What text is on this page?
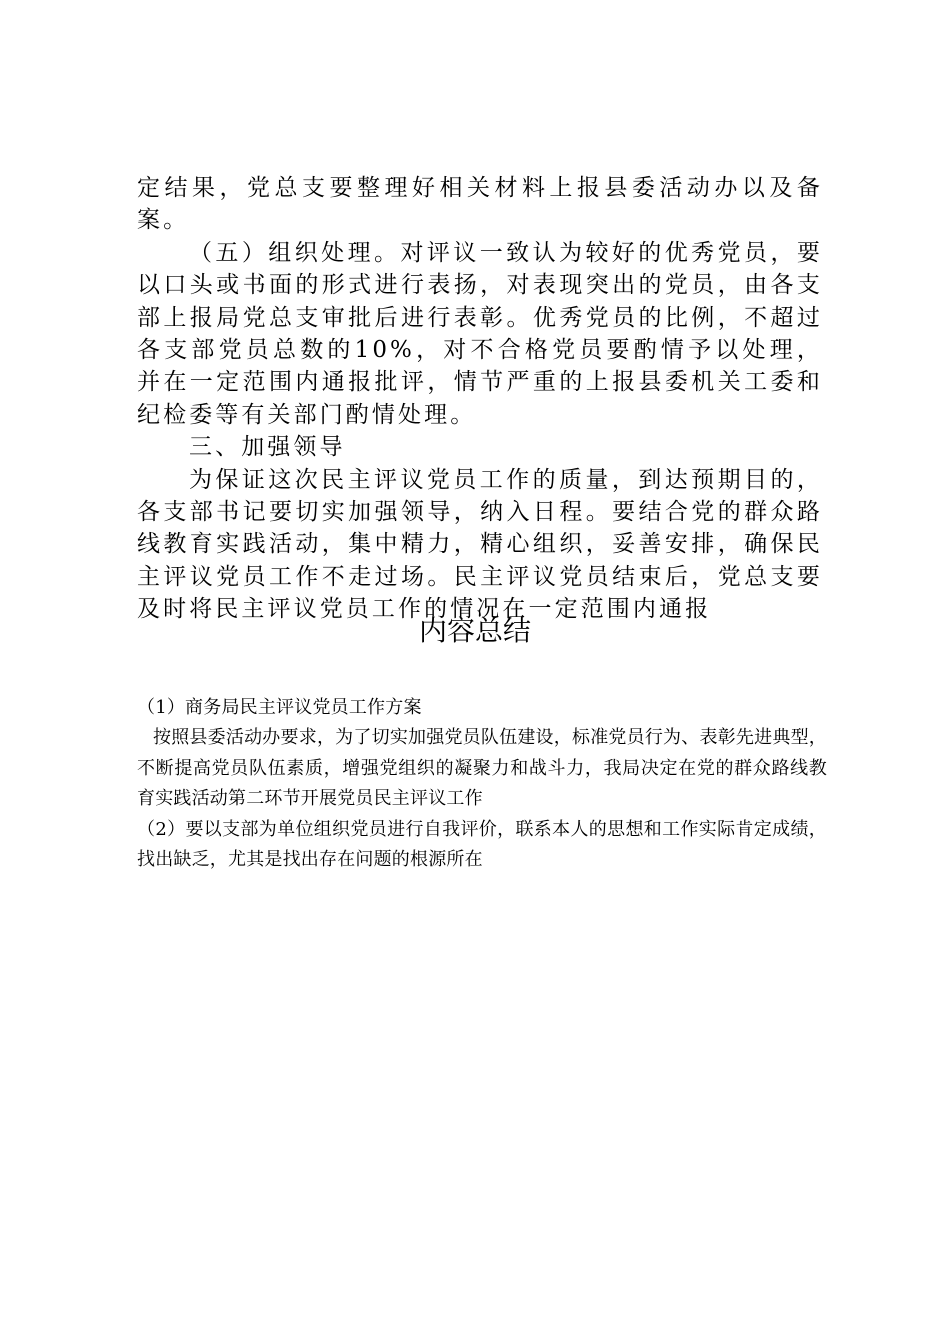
定结果，党总支要整理好相关材料上报县委活动办以及备案。

（五）组织处理。对评议一致认为较好的优秀党员，要以口头或书面的形式进行表扬，对表现突出的党员，由各支部上报局党总支审批后进行表彰。优秀党员的比例，不超过各支部党员总数的10%，对不合格党员要酌情予以处理，并在一定范围内通报批评，情节严重的上报县委机关工委和纪检委等有关部门酌情处理。

三、加强领导

为保证这次民主评议党员工作的质量，到达预期目的，各支部书记要切实加强领导，纳入日程。要结合党的群众路线教育实践活动，集中精力，精心组织，妥善安排，确保民主评议党员工作不走过场。民主评议党员结束后，党总支要及时将民主评议党员工作的情况在一定范围内通报

内容总结

（1）商务局民主评议党员工作方案

按照县委活动办要求，为了切实加强党员队伍建设，标准党员行为、表彰先进典型，不断提高党员队伍素质，增强党组织的凝聚力和战斗力，我局决定在党的群众路线教育实践活动第二环节开展党员民主评议工作

（2）要以支部为单位组织党员进行自我评价，联系本人的思想和工作实际肯定成绩，找出缺乏，尤其是找出存在问题的根源所在
